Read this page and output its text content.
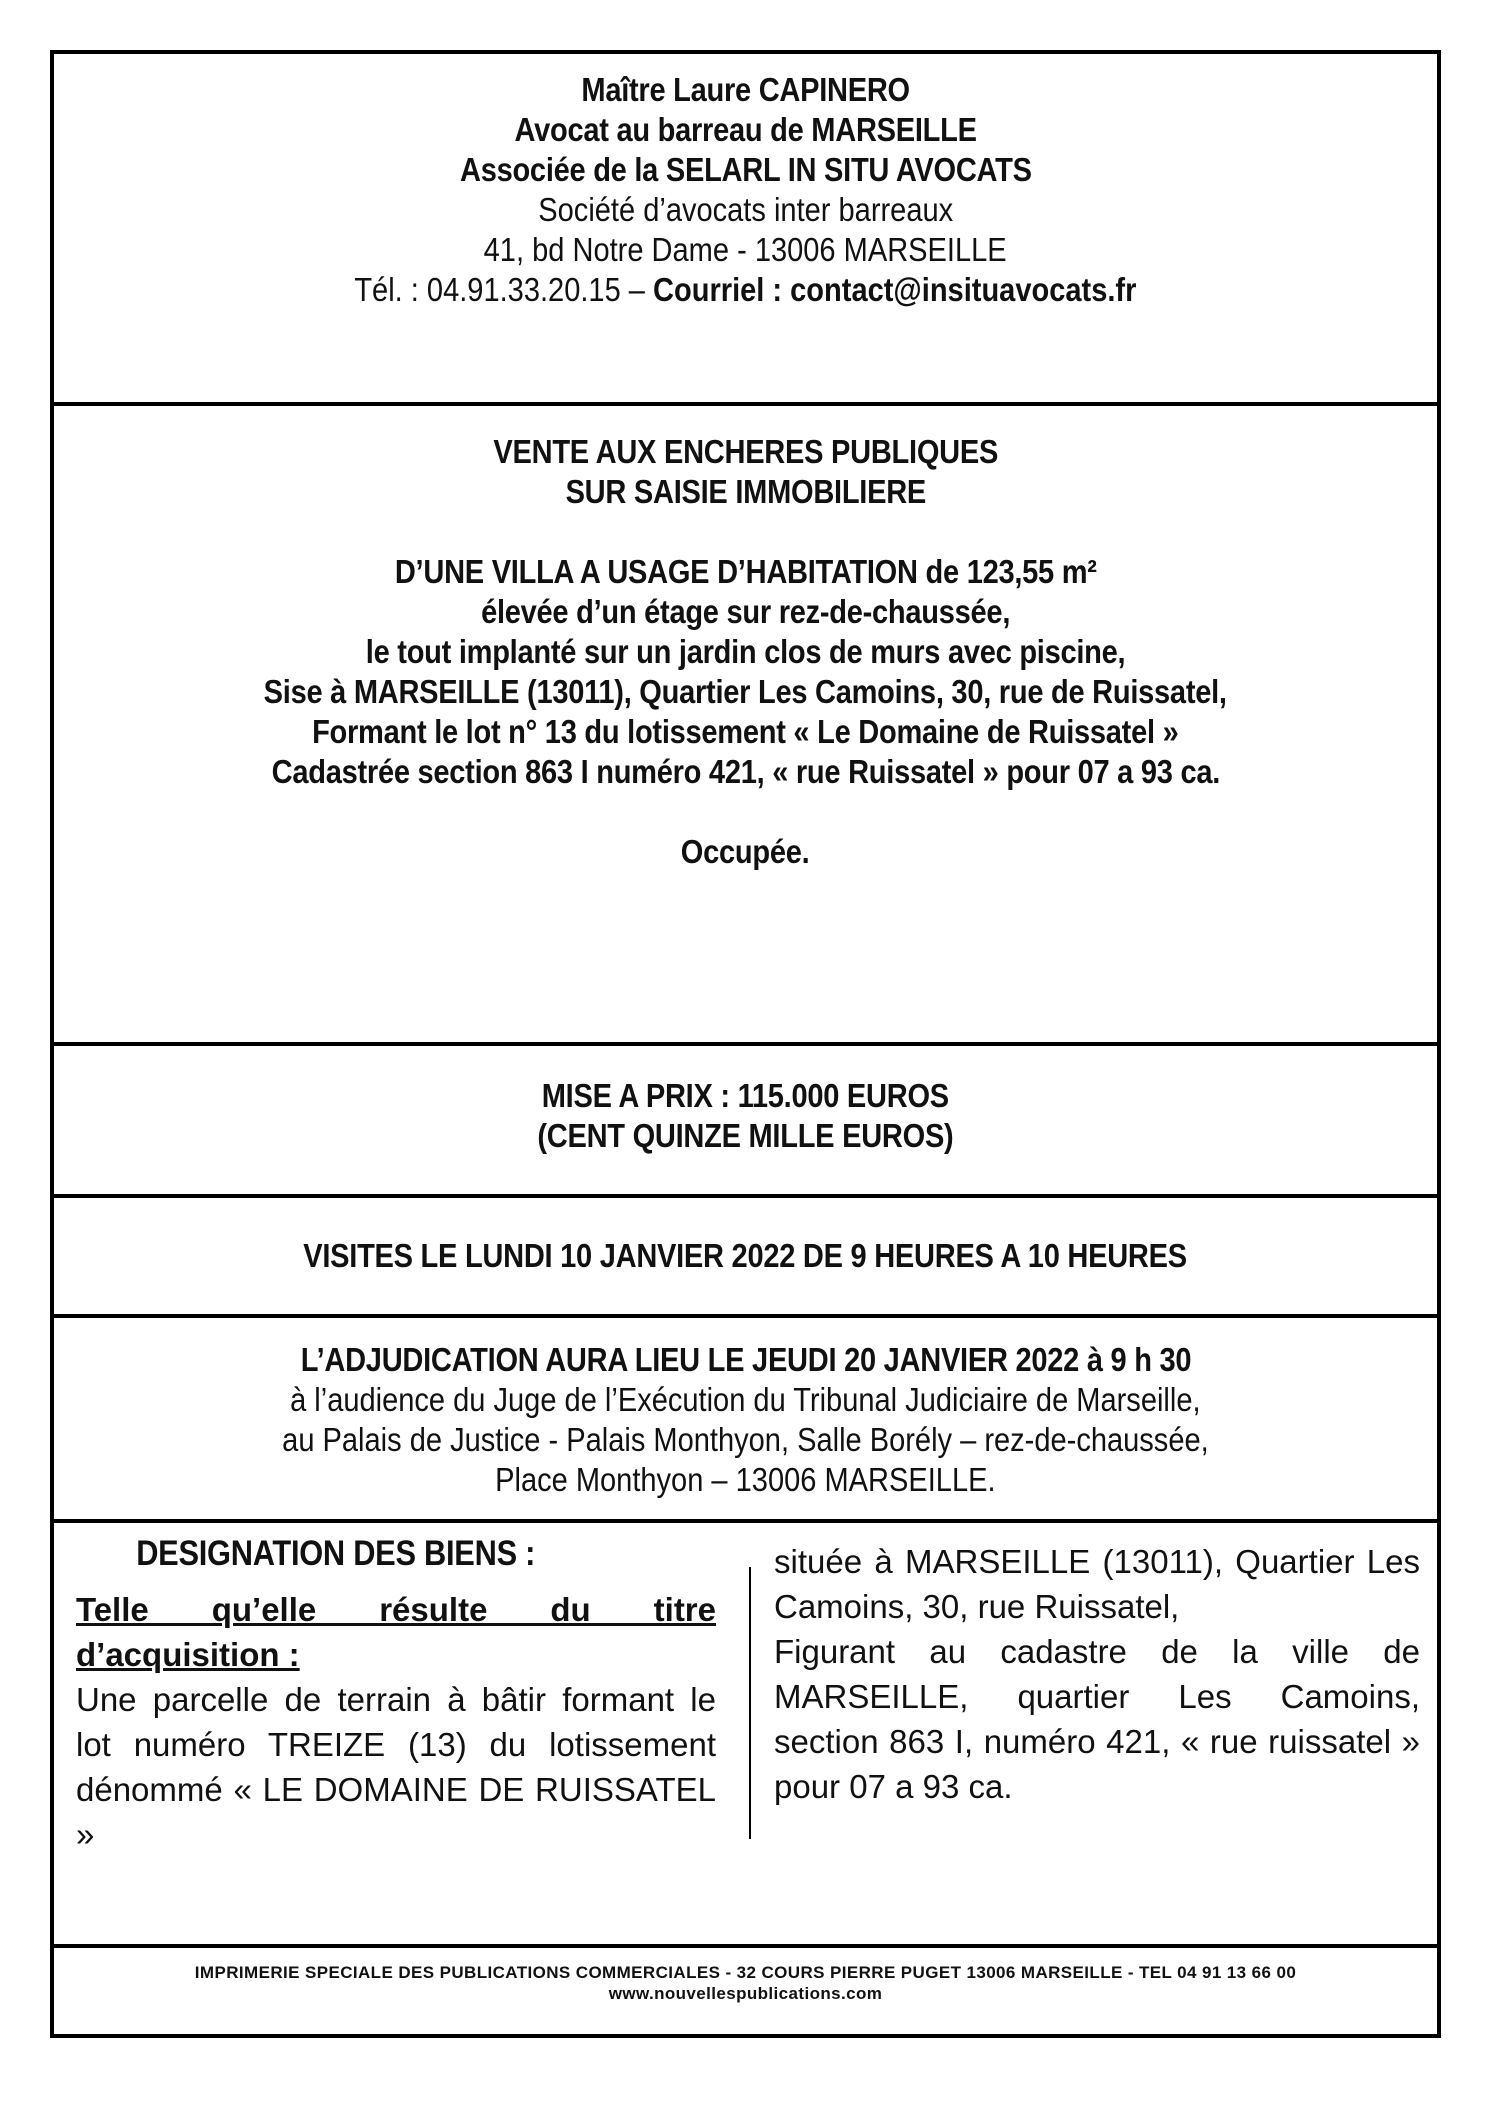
Maître Laure CAPINERO
Avocat au barreau de MARSEILLE
Associée de la SELARL IN SITU AVOCATS
Société d’avocats inter barreaux
41, bd Notre Dame - 13006 MARSEILLE
Tél. : 04.91.33.20.15 – Courriel : contact@insituavocats.fr
VENTE AUX ENCHERES PUBLIQUES
SUR SAISIE IMMOBILIERE
D’UNE VILLA A USAGE D’HABITATION de 123,55 m²
élevée d’un étage sur rez-de-chaussée,
le tout implanté sur un jardin clos de murs avec piscine,
Sise à MARSEILLE (13011), Quartier Les Camoins, 30, rue de Ruissatel,
Formant le lot n° 13 du lotissement « Le Domaine de Ruissatel »
Cadastrée section 863 I numéro 421, « rue Ruissatel » pour 07 a 93 ca.
Occupée.
MISE A PRIX : 115.000 EUROS
(CENT QUINZE MILLE EUROS)
VISITES LE LUNDI 10 JANVIER 2022 DE 9 HEURES A 10 HEURES
L’ADJUDICATION AURA LIEU LE JEUDI 20 JANVIER 2022 à 9 h 30
à l’audience du Juge de l’Exécution du Tribunal Judiciaire de Marseille,
au Palais de Justice - Palais Monthyon, Salle Borély – rez-de-chaussée,
Place Monthyon – 13006 MARSEILLE.
DESIGNATION DES BIENS :
Telle qu’elle résulte du titre
d’acquisition :
Une parcelle de terrain à bâtir formant le
lot numéro TREIZE (13) du lotissement
dénommé « LE DOMAINE DE RUISSATEL »
située à MARSEILLE (13011), Quartier Les
Camoins, 30, rue Ruissatel,
Figurant au cadastre de la ville de
MARSEILLE, quartier Les Camoins,
section 863 I, numéro 421, « rue ruissatel »
pour 07 a 93 ca.
IMPRIMERIE SPECIALE DES PUBLICATIONS COMMERCIALES - 32 COURS PIERRE PUGET 13006 MARSEILLE - TEL 04 91 13 66 00
www.nouvellespublications.com
